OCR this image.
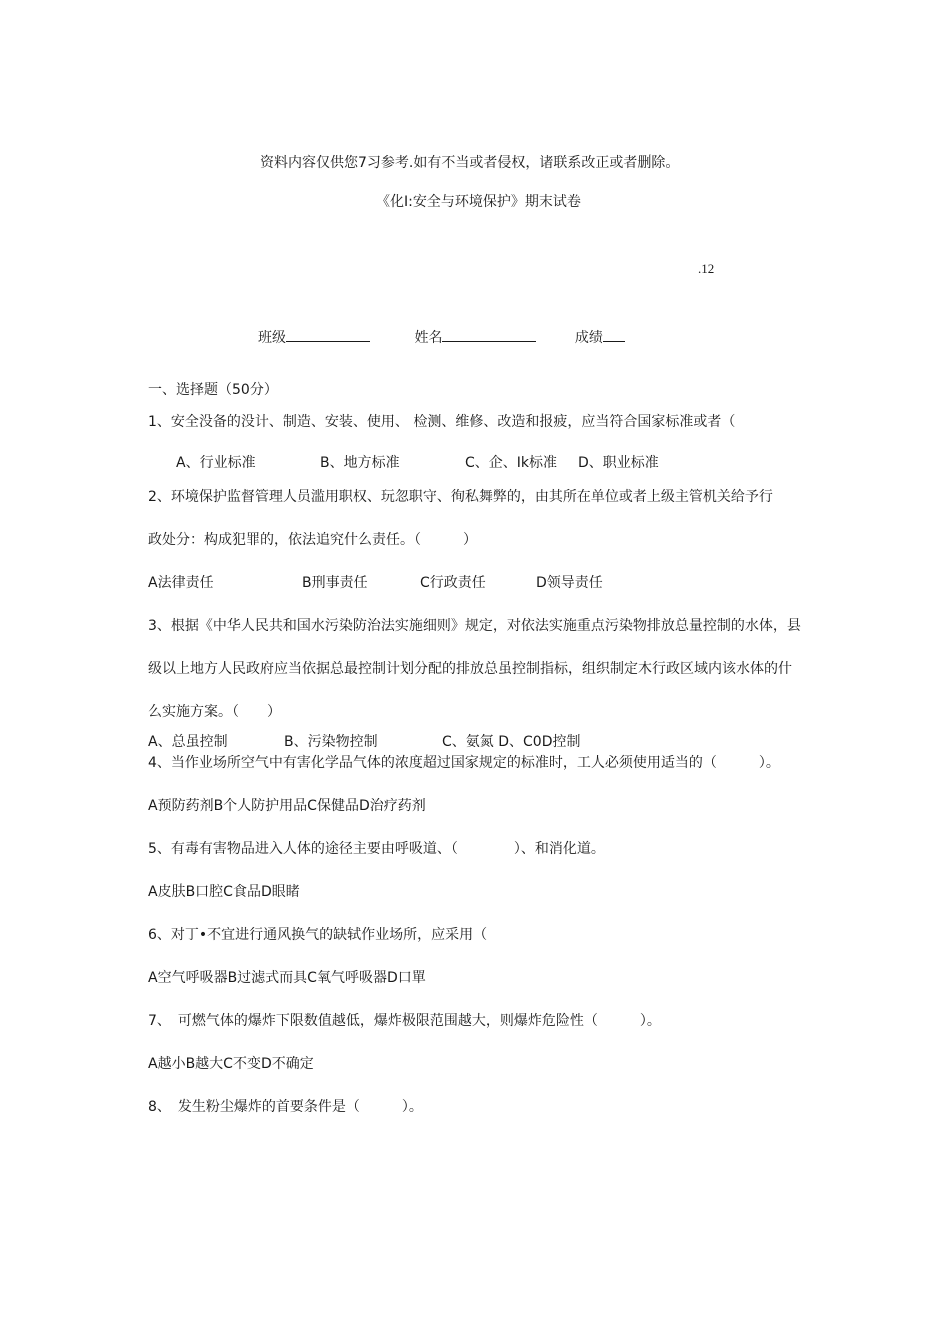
资料内容仅供您7习参考.如有不当或者侵权，诸联系改正或者删除。
《化I:安全与环境保护》期末试卷
.12
班级	姓名	成绩
一、选择题（50分）
1、安全没备的没计、制造、安装、使用、 检测、维修、改造和报疲，应当符合国家标准或者（
A、行业标准	B、地方标准	C、企、Ik标准 D、职业标准
2、环境保护监督管理人员滥用职权、玩忽职守、徇私舞弊的，由其所在单位或者上级主管机关给予行
政处分：构成犯罪的，依法追究什么责任。（　　　）
A法律责任	B刑事责任	C行政责任	D领导责任
3、根据《中华人民共和国水污染防治法实施细则》规定，对依法实施重点污染物排放总量控制的水体，县
级以上地方人民政府应当依据总最控制计划分配的排放总虽控制指标，组织制定木行政区域内该水体的什
么实施方案。（　　）
A、总虽控制	B、污染物控制	C、氨氮 D、C0D控制
4、当作业场所空气中有害化学品气体的浓度超过国家规定的标准时，工人必须使用适当的（　　　）。
A预防药剂B个人防护用品C保健品D治疗药剂
5、有毒有害物品进入人体的途径主要由呼吸道、（　　　　）、和消化道。
A皮肤B口腔C食品D眼睹
6、对丁•不宜进行通风换气的缺轼作业场所，应采用（
A空气呼吸器B过滤式而具C氧气呼吸器D口單
7、　可燃气体的爆炸下限数值越低，爆炸极限范围越大，则爆炸危险性（　　　）。
A越小B越大C不变D不确定
8、　发生粉尘爆炸的首要条件是（　　　）。
